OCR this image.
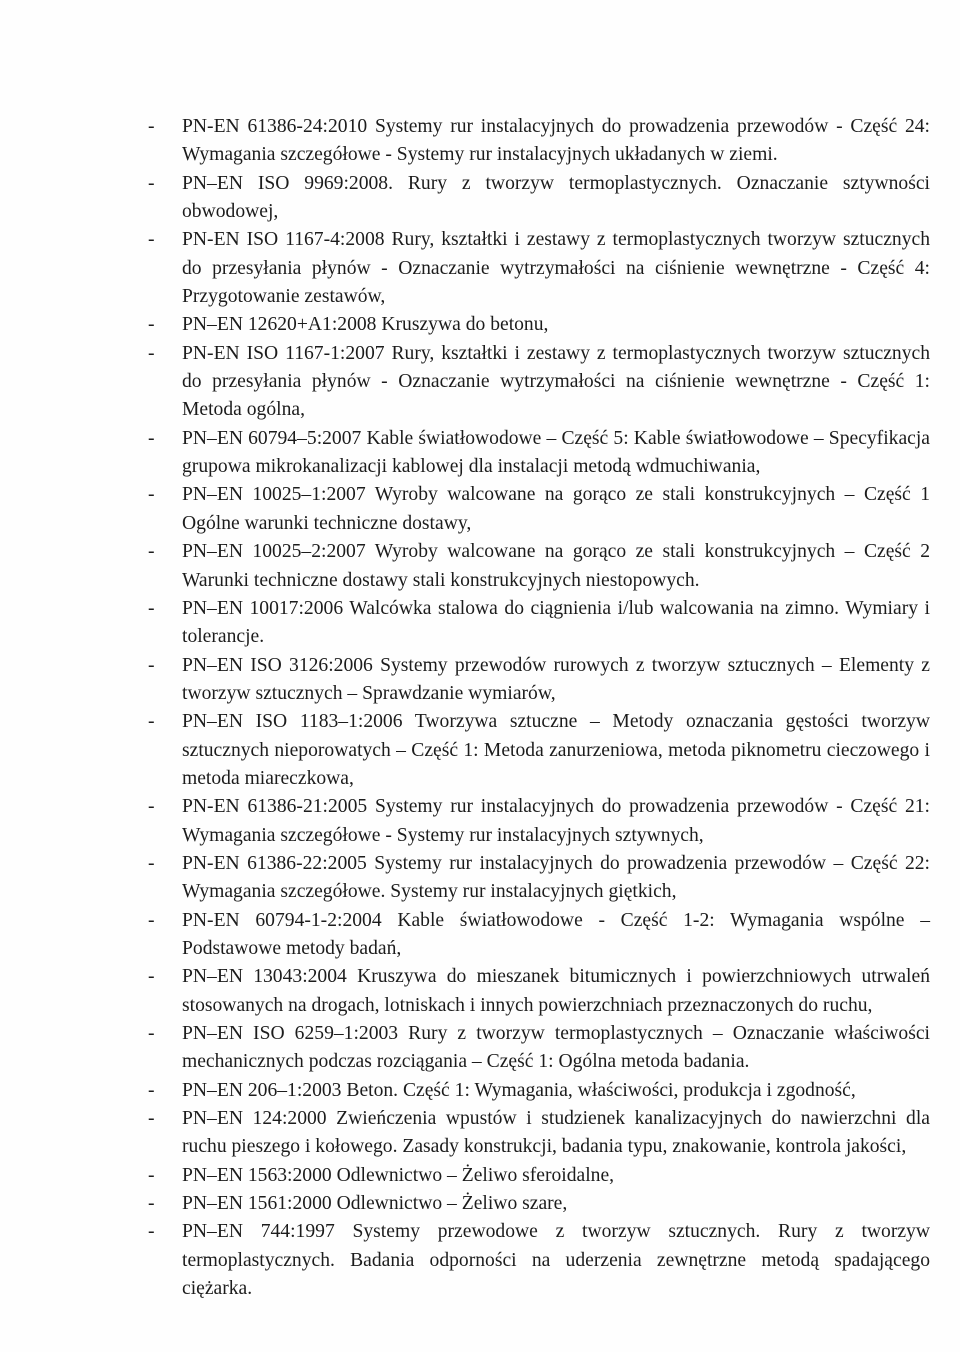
-	PN-EN 61386-24:2010 Systemy rur instalacyjnych do prowadzenia przewodów - Część 24: Wymagania szczegółowe - Systemy rur instalacyjnych układanych w ziemi.
-	PN–EN ISO 9969:2008. Rury z tworzyw termoplastycznych. Oznaczanie sztywności obwodowej,
-	PN-EN ISO 1167-4:2008 Rury, kształtki i zestawy z termoplastycznych tworzyw sztucznych do przesyłania płynów - Oznaczanie wytrzymałości na ciśnienie wewnętrzne - Część 4: Przygotowanie zestawów,
-	PN–EN 12620+A1:2008 Kruszywa do betonu,
-	PN-EN ISO 1167-1:2007 Rury, kształtki i zestawy z termoplastycznych tworzyw sztucznych do przesyłania płynów - Oznaczanie wytrzymałości na ciśnienie wewnętrzne - Część 1: Metoda ogólna,
-	PN–EN 60794–5:2007 Kable światłowodowe – Część 5: Kable światłowodowe – Specyfikacja grupowa mikrokanalizacji kablowej dla instalacji metodą wdmuchiwania,
-	PN–EN 10025–1:2007 Wyroby walcowane na gorąco ze stali konstrukcyjnych – Część 1 Ogólne warunki techniczne dostawy,
-	PN–EN 10025–2:2007 Wyroby walcowane na gorąco ze stali konstrukcyjnych – Część 2 Warunki techniczne dostawy stali konstrukcyjnych niestopowych.
-	PN–EN 10017:2006 Walcówka stalowa do ciągnienia i/lub walcowania na zimno. Wymiary i tolerancje.
-	PN–EN ISO 3126:2006 Systemy przewodów rurowych z tworzyw sztucznych – Elementy z tworzyw sztucznych – Sprawdzanie wymiarów,
-	PN–EN ISO 1183–1:2006 Tworzywa sztuczne – Metody oznaczania gęstości tworzyw sztucznych nieporowatych – Część 1: Metoda zanurzeniowa, metoda piknometru cieczowego i metoda miareczkowa,
-	PN-EN 61386-21:2005 Systemy rur instalacyjnych do prowadzenia przewodów - Część 21: Wymagania szczegółowe - Systemy rur instalacyjnych sztywnych,
-	PN-EN 61386-22:2005 Systemy rur instalacyjnych do prowadzenia przewodów – Część 22: Wymagania szczegółowe. Systemy rur instalacyjnych giętkich,
-	PN-EN 60794-1-2:2004 Kable światłowodowe - Część 1-2: Wymagania wspólne – Podstawowe metody badań,
-	PN–EN 13043:2004 Kruszywa do mieszanek bitumicznych i powierzchniowych utrwaleń stosowanych na drogach, lotniskach i innych powierzchniach przeznaczonych do ruchu,
-	PN–EN ISO 6259–1:2003 Rury z tworzyw termoplastycznych – Oznaczanie właściwości mechanicznych podczas rozciągania – Część 1: Ogólna metoda badania.
-	PN–EN 206–1:2003 Beton. Część 1: Wymagania, właściwości, produkcja i zgodność,
-	PN–EN 124:2000 Zwieńczenia wpustów i studzienek kanalizacyjnych do nawierzchni dla ruchu pieszego i kołowego. Zasady konstrukcji, badania typu, znakowanie, kontrola jakości,
-	PN–EN 1563:2000 Odlewnictwo – Żeliwo sferoidalne,
-	PN–EN 1561:2000 Odlewnictwo – Żeliwo szare,
-	PN–EN 744:1997 Systemy przewodowe z tworzyw sztucznych. Rury z tworzyw termoplastycznych. Badania odporności na uderzenia zewnętrzne metodą spadającego ciężarka.
